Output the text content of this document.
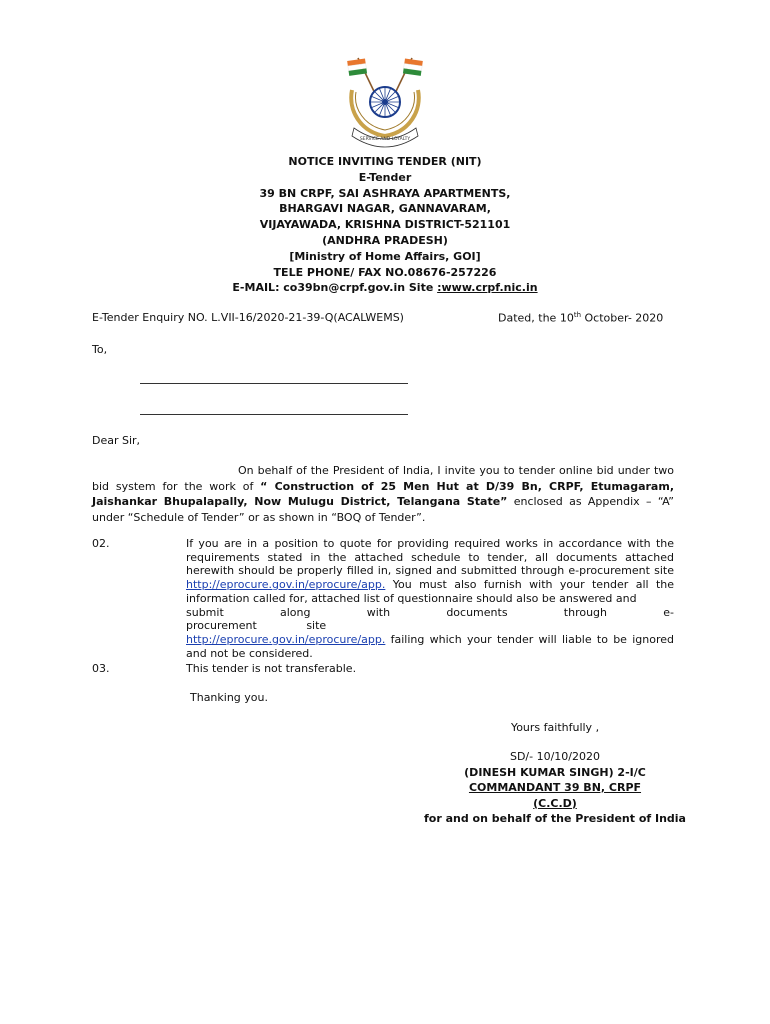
SERVICE AND LOYALTY
NOTICE INVITING TENDER (NIT)
E-Tender
39 BN CRPF, SAI ASHRAYA APARTMENTS,
BHARGAVI NAGAR, GANNAVARAM,
VIJAYAWADA, KRISHNA DISTRICT-521101
(ANDHRA PRADESH)
[Ministry of Home Affairs, GOI]
TELE PHONE/ FAX NO.08676-257226
E-MAIL: co39bn@crpf.gov.in Site :www.crpf.nic.in
E-Tender Enquiry NO. L.VII-16/2020-21-39-Q(ACALWEMS)	Dated, the 10th October- 2020
To,
Dear Sir,

On behalf of the President of India, I invite you to tender online bid under two bid system for the work of “ Construction of 25 Men Hut at D/39 Bn, CRPF, Etumagaram, Jaishankar Bhupalapally, Now Mulugu District, Telangana State” enclosed as Appendix – “A” under “Schedule of Tender” or as shown in “BOQ of Tender”.

02.	If you are in a position to quote for providing required works in accordance with the requirements stated in the attached schedule to tender, all documents attached herewith should be properly filled in, signed and submitted through e-procurement site http://eprocure.gov.in/eprocure/app. You must also furnish with your tender all the information called for, attached list of questionnaire should also be answered and
submit along with documents through e-procurement site
http://eprocure.gov.in/eprocure/app. failing which your tender will liable to be ignored and not be considered.

03.	This tender is not transferable.

Thanking you.
Yours faithfully ,
SD/- 10/10/2020
(DINESH KUMAR SINGH) 2-I/C
COMMANDANT 39 BN, CRPF
(C.C.D)
for and on behalf of the President of India
